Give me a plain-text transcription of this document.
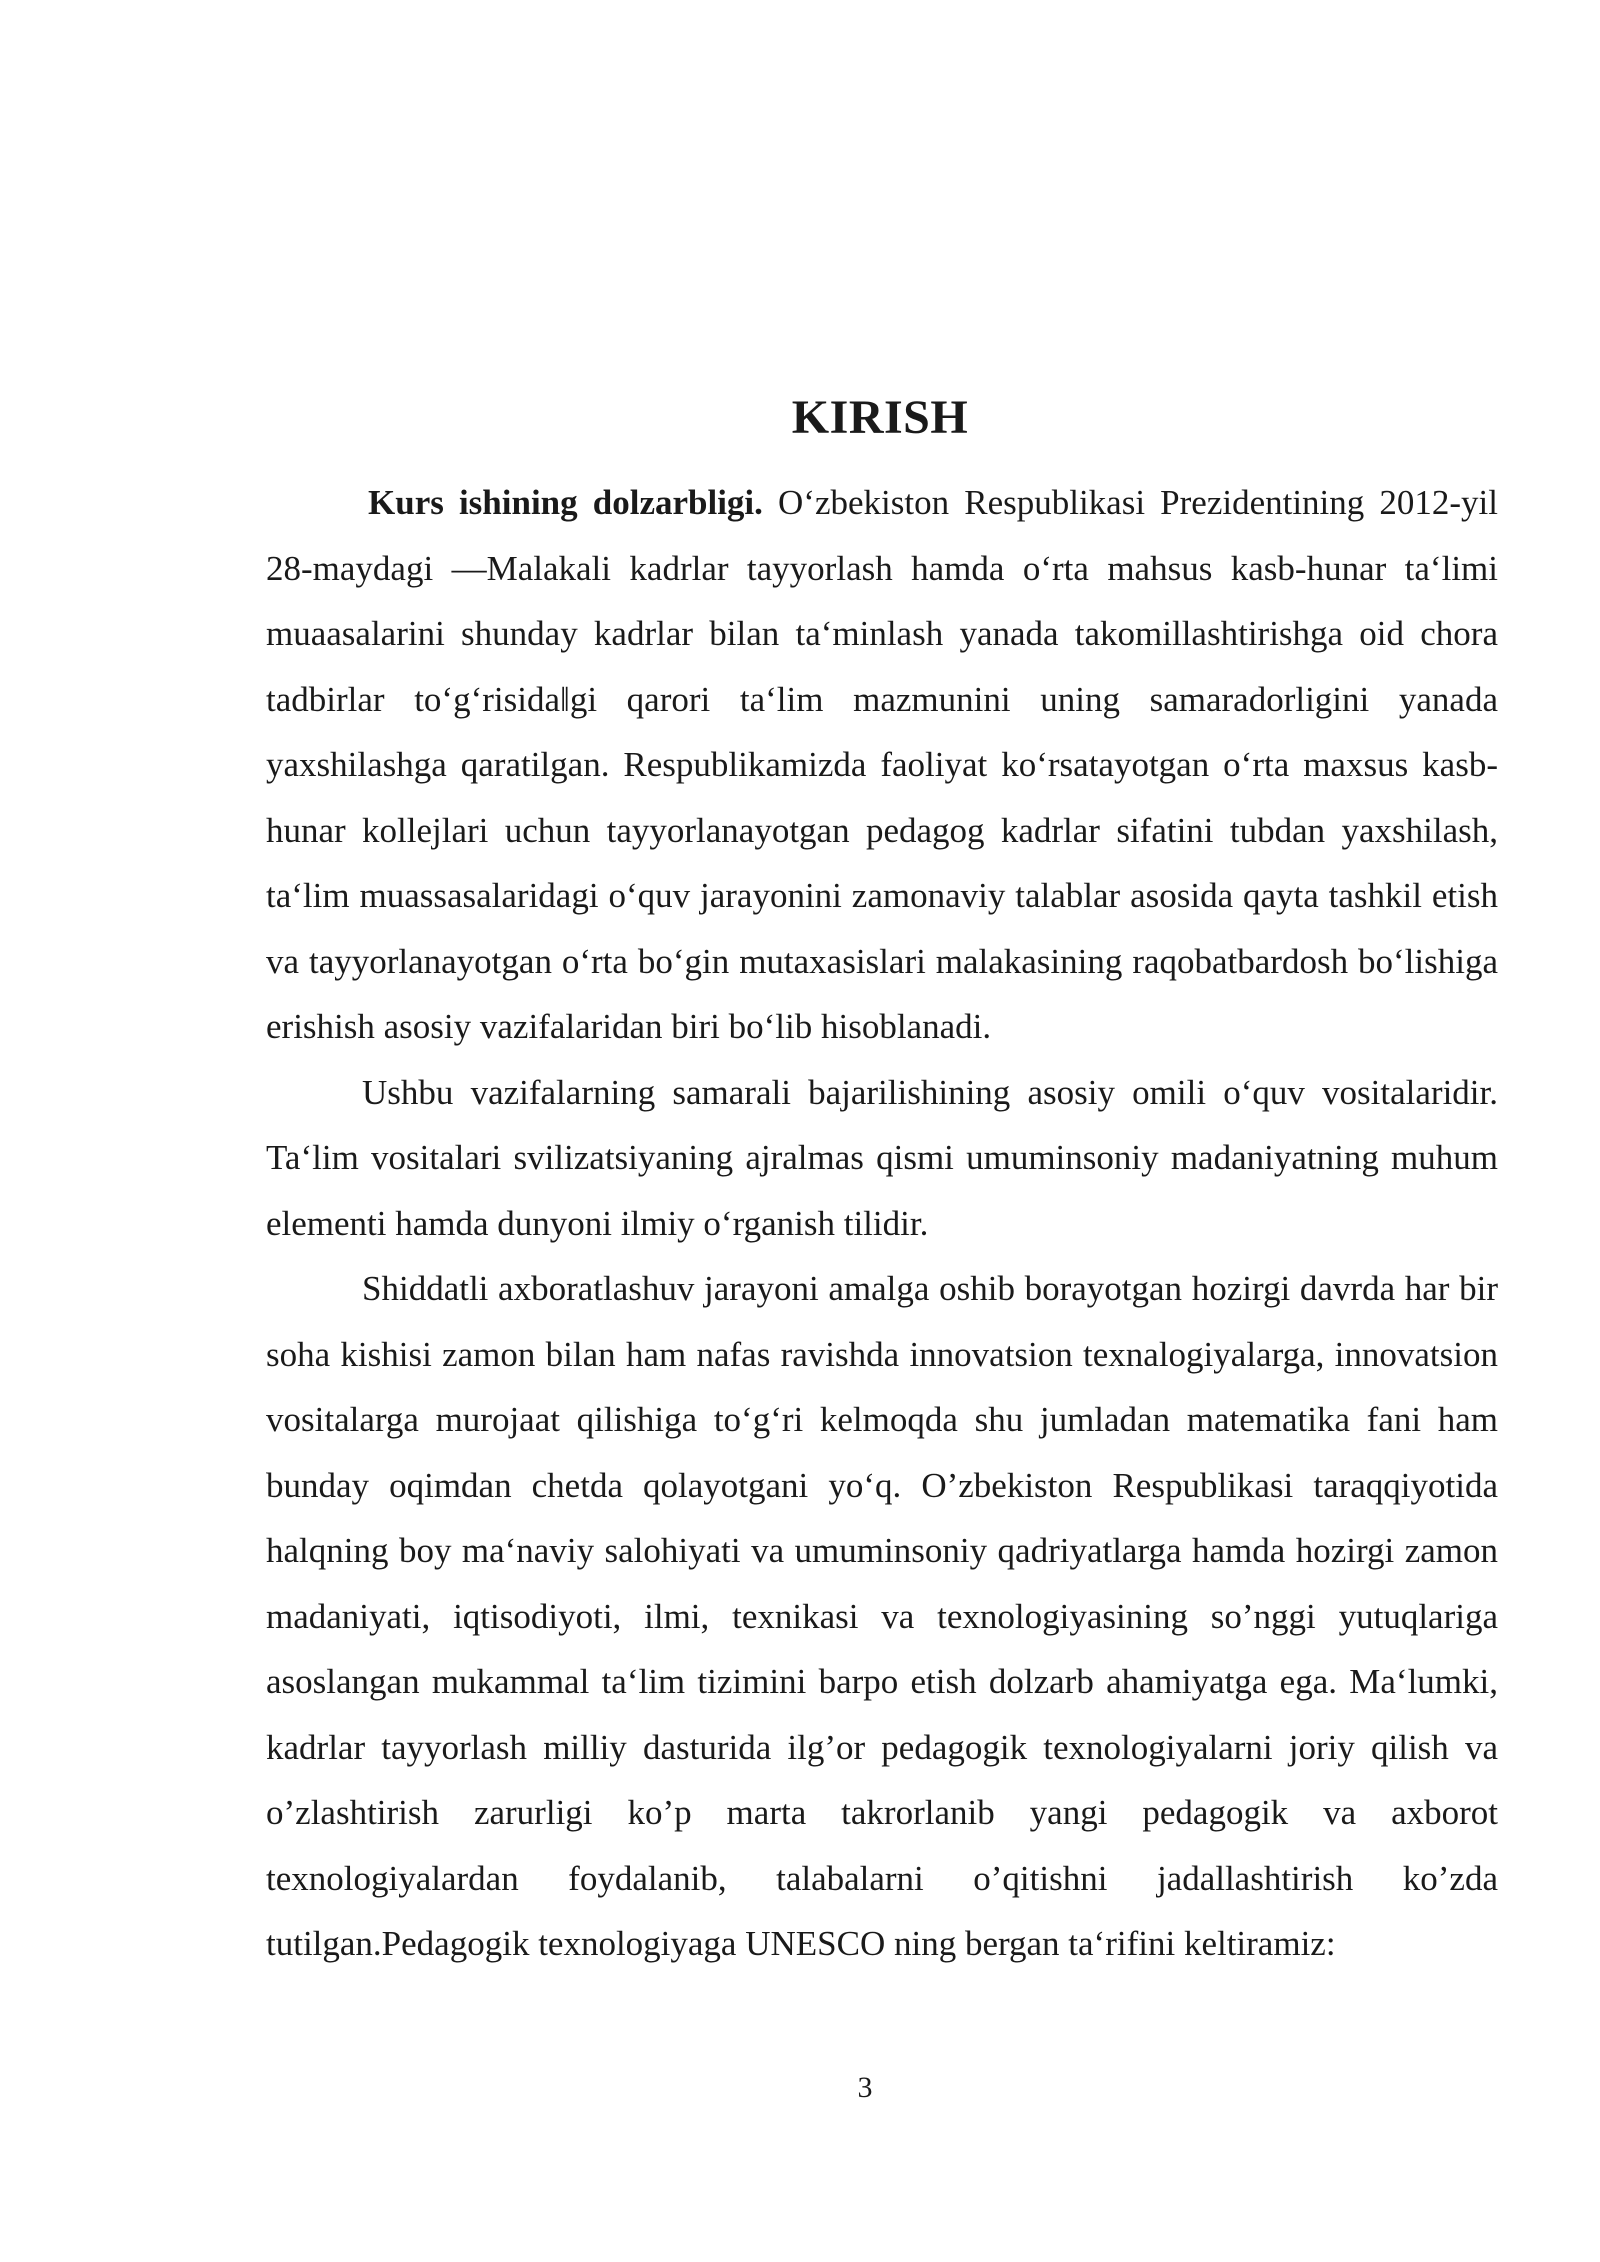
KIRISH

Kurs ishining dolzarbligi. O‘zbekiston Respublikasi Prezidentining 2012-yil 28-maydagi ―Malakali kadrlar tayyorlash hamda o‘rta mahsus kasb-hunar ta‘limi muaasalarini shunday kadrlar bilan ta‘minlash yanada takomillashtirishga oid chora tadbirlar to‘g‘risida‖gi qarori ta‘lim mazmunini uning samaradorligini yanada yaxshilashga qaratilgan. Respublikamizda faoliyat ko‘rsatayotgan o‘rta maxsus kasb-hunar kollejlari uchun tayyorlanayotgan pedagog kadrlar sifatini tubdan yaxshilash, ta‘lim muassasalaridagi o‘quv jarayonini zamonaviy talablar asosida qayta tashkil etish va tayyorlanayotgan o‘rta bo‘gin mutaxasislari malakasining raqobatbardosh bo‘lishiga erishish asosiy vazifalaridan biri bo‘lib hisoblanadi.

Ushbu vazifalarning samarali bajarilishining asosiy omili o‘quv vositalaridir. Ta‘lim vositalari svilizatsiyaning ajralmas qismi umuminsoniy madaniyatning muhum elementi hamda dunyoni ilmiy o‘rganish tilidir.

Shiddatli axboratlashuv jarayoni amalga oshib borayotgan hozirgi davrda har bir soha kishisi zamon bilan ham nafas ravishda innovatsion texnalogiyalarga, innovatsion vositalarga murojaat qilishiga to‘g‘ri kelmoqda shu jumladan matematika fani ham bunday oqimdan chetda qolayotgani yo‘q. O’zbekiston Respublikasi taraqqiyotida halqning boy ma‘naviy salohiyati va umuminsoniy qadriyatlarga hamda hozirgi zamon madaniyati, iqtisodiyoti, ilmi, texnikasi va texnologiyasining so’nggi yutuqlariga asoslangan mukammal ta‘lim tizimini barpo etish dolzarb ahamiyatga ega. Ma‘lumki, kadrlar tayyorlash milliy dasturida ilg’or pedagogik texnologiyalarni joriy qilish va o’zlashtirish zarurligi ko’p marta takrorlanib yangi pedagogik va axborot texnologiyalardan foydalanib, talabalarni o’qitishni jadallashtirish ko’zda tutilgan.Pedagogik texnologiyaga UNESCO ning bergan ta‘rifini keltiramiz:

3
